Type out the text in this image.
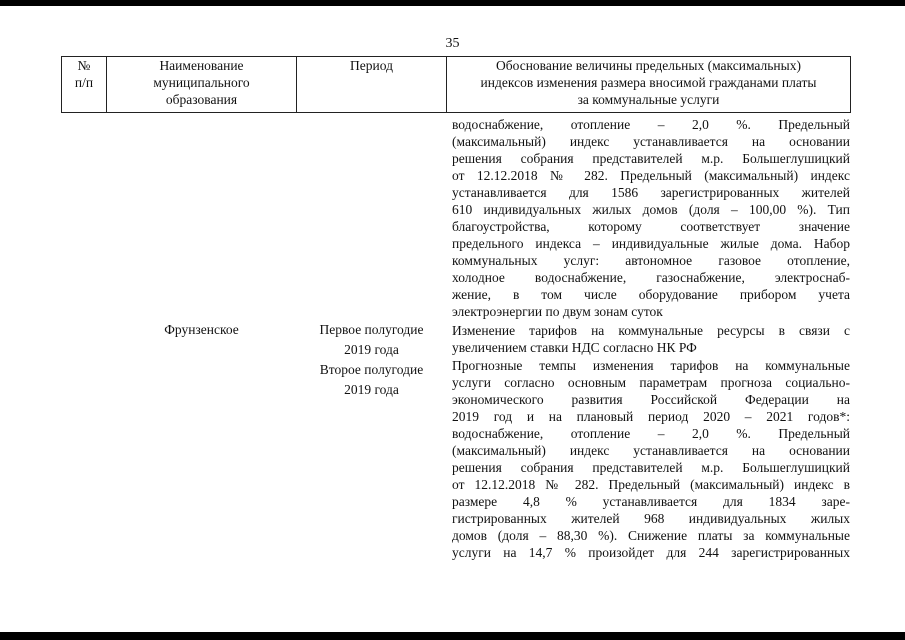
35
№
п/п
Наименование
муниципального
образования
Период	Обоснование величины предельных (максимальных)
индексов изменения размера вносимой гражданами платы
за коммунальные услуги
водоснабжение, отопление – 2,0 %. Предельный
(максимальный) индекс устанавливается на основании
решения собрания представителей м.р. Большеглушицкий
от 12.12.2018 № 282. Предельный (максимальный) индекс
устанавливается для 1586 зарегистрированных жителей
610 индивидуальных жилых домов (доля – 100,00 %). Тип
благоустройства, которому соответствует значение
предельного индекса – индивидуальные жилые дома. Набор
коммунальных услуг: автономное газовое отопление,
холодное водоснабжение, газоснабжение, электроснаб-
жение, в том числе оборудование прибором учета
электроэнергии по двум зонам суток
Фрунзенское	Первое полугодие
2019 года
Второе полугодие
2019 года
Изменение тарифов на коммунальные ресурсы в связи с
увеличением ставки НДС согласно НК РФ
Прогнозные темпы изменения тарифов на коммунальные
услуги согласно основным параметрам прогноза социально-
экономического развития Российской Федерации на
2019 год и на плановый период 2020 – 2021 годов*:
водоснабжение, отопление – 2,0 %. Предельный
(максимальный) индекс устанавливается на основании
решения собрания представителей м.р. Большеглушицкий
от 12.12.2018 № 282. Предельный (максимальный) индекс в
размере 4,8 % устанавливается для 1834 заре-
гистрированных жителей 968 индивидуальных жилых
домов (доля – 88,30 %). Снижение платы за коммунальные
услуги на 14,7 % произойдет для 244 зарегистрированных
